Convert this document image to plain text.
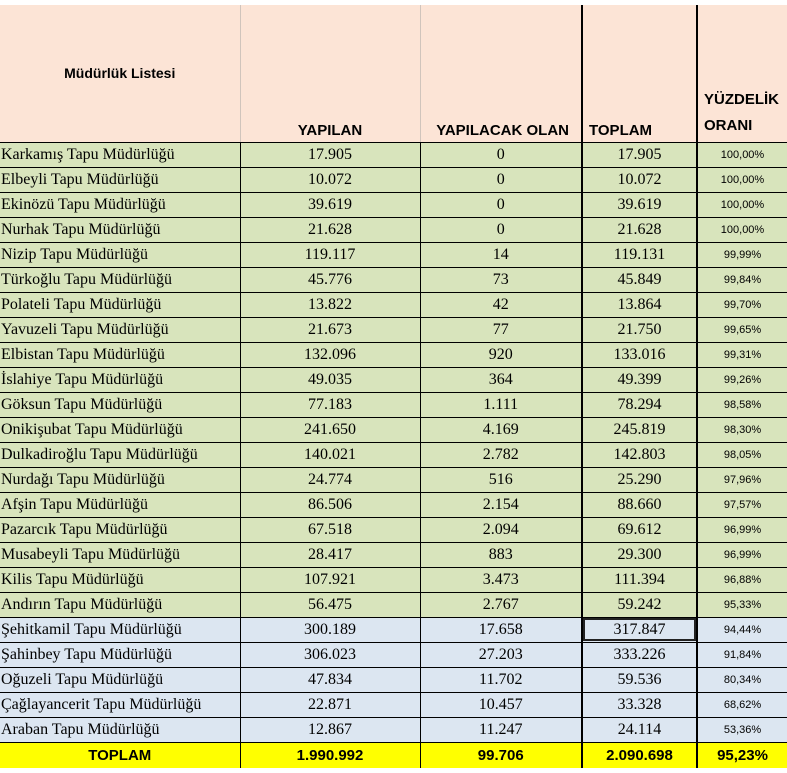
Müdürlük Listesi	YAPILAN	YAPILACAK OLAN	TOPLAM	YÜZDELİK
ORANI
Karkamış Tapu Müdürlüğü	17.905	0	17.905	100,00%
Elbeyli Tapu Müdürlüğü	10.072	0	10.072	100,00%
Ekinözü Tapu Müdürlüğü	39.619	0	39.619	100,00%
Nurhak Tapu Müdürlüğü	21.628	0	21.628	100,00%
Nizip Tapu Müdürlüğü	119.117	14	119.131	99,99%
Türkoğlu Tapu Müdürlüğü	45.776	73	45.849	99,84%
Polateli Tapu Müdürlüğü	13.822	42	13.864	99,70%
Yavuzeli Tapu Müdürlüğü	21.673	77	21.750	99,65%
Elbistan Tapu Müdürlüğü	132.096	920	133.016	99,31%
İslahiye Tapu Müdürlüğü	49.035	364	49.399	99,26%
Göksun Tapu Müdürlüğü	77.183	1.111	78.294	98,58%
Onikişubat Tapu Müdürlüğü	241.650	4.169	245.819	98,30%
Dulkadiroğlu Tapu Müdürlüğü	140.021	2.782	142.803	98,05%
Nurdağı Tapu Müdürlüğü	24.774	516	25.290	97,96%
Afşin Tapu Müdürlüğü	86.506	2.154	88.660	97,57%
Pazarcık Tapu Müdürlüğü	67.518	2.094	69.612	96,99%
Musabeyli Tapu Müdürlüğü	28.417	883	29.300	96,99%
Kilis Tapu Müdürlüğü	107.921	3.473	111.394	96,88%
Andırın Tapu Müdürlüğü	56.475	2.767	59.242	95,33%
Şehitkamil Tapu Müdürlüğü	300.189	17.658	317.847	94,44%
Şahinbey Tapu Müdürlüğü	306.023	27.203	333.226	91,84%
Oğuzeli Tapu Müdürlüğü	47.834	11.702	59.536	80,34%
Çağlayancerit Tapu Müdürlüğü	22.871	10.457	33.328	68,62%
Araban Tapu Müdürlüğü	12.867	11.247	24.114	53,36%
TOPLAM	1.990.992	99.706	2.090.698	95,23%
